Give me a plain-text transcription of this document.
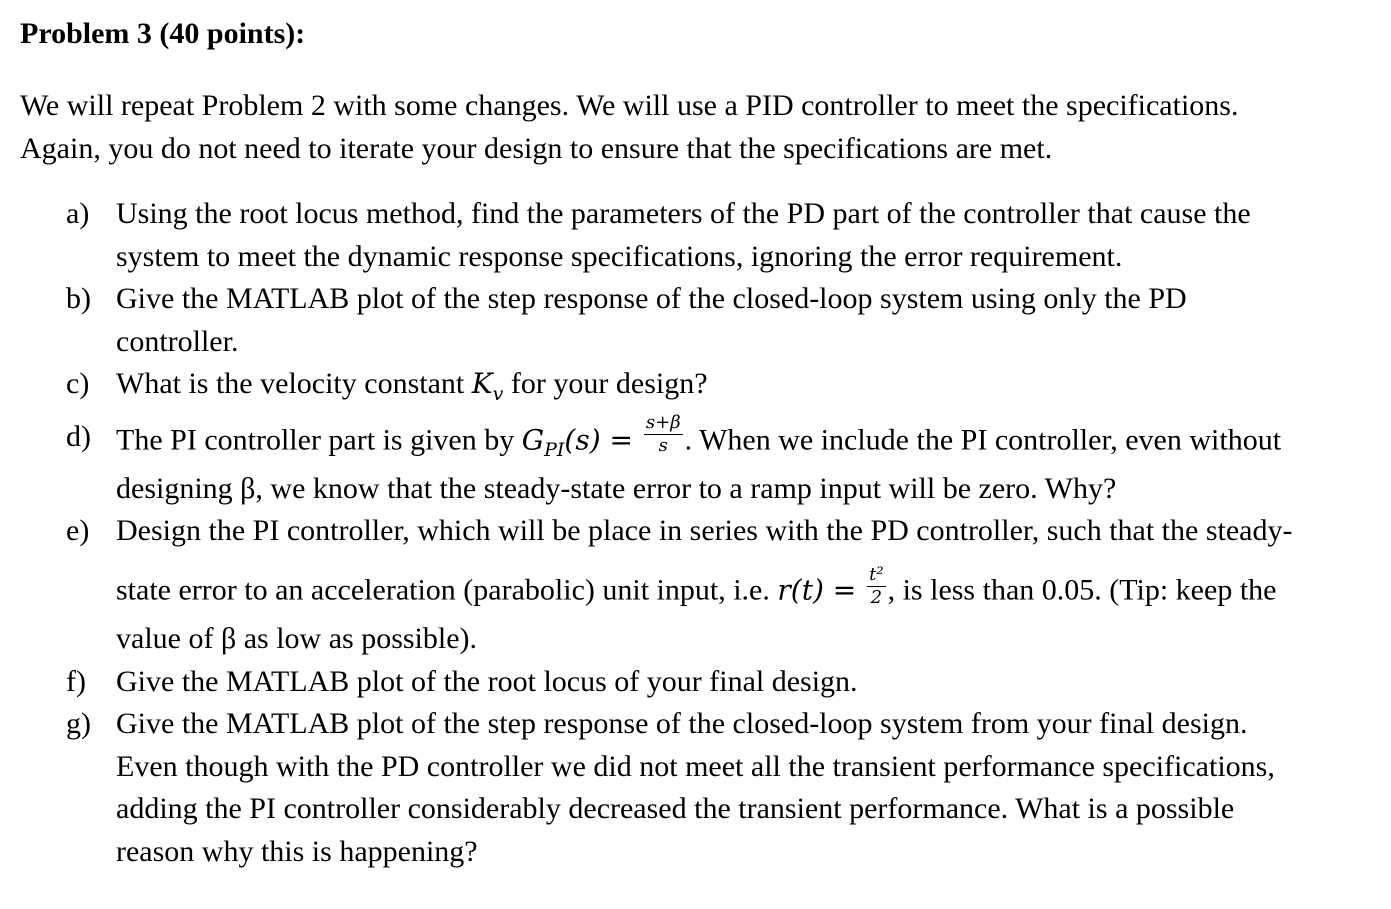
Problem 3 (40 points):
We will repeat Problem 2 with some changes. We will use a PID controller to meet the specifications.
Again, you do not need to iterate your design to ensure that the specifications are met.
a) Using the root locus method, find the parameters of the PD part of the controller that cause the
system to meet the dynamic response specifications, ignoring the error requirement.
b) Give the MATLAB plot of the step response of the closed-loop system using only the PD
controller.
c) What is the velocity constant $K_v$ for your design?
d) The PI controller part is given by $G_{PI}(s) = \frac{s+\beta}{s}$ . When we include the PI controller, even without
designing β, we know that the steady-state error to a ramp input will be zero. Why?
e) Design the PI controller, which will be place in series with the PD controller, such that the steady-
state error to an acceleration (parabolic) unit input, i.e. $r(t) = \frac{\text{t²}}{2}$ , is less than 0.05. (Tip: keep the
value of β as low as possible).
f) Give the MATLAB plot of the root locus of your final design.
g) Give the MATLAB plot of the step response of the closed-loop system from your final design.
Even though with the PD controller we did not meet all the transient performance specifications,
adding the PI controller considerably decreased the transient performance. What is a possible
reason why this is happening?
